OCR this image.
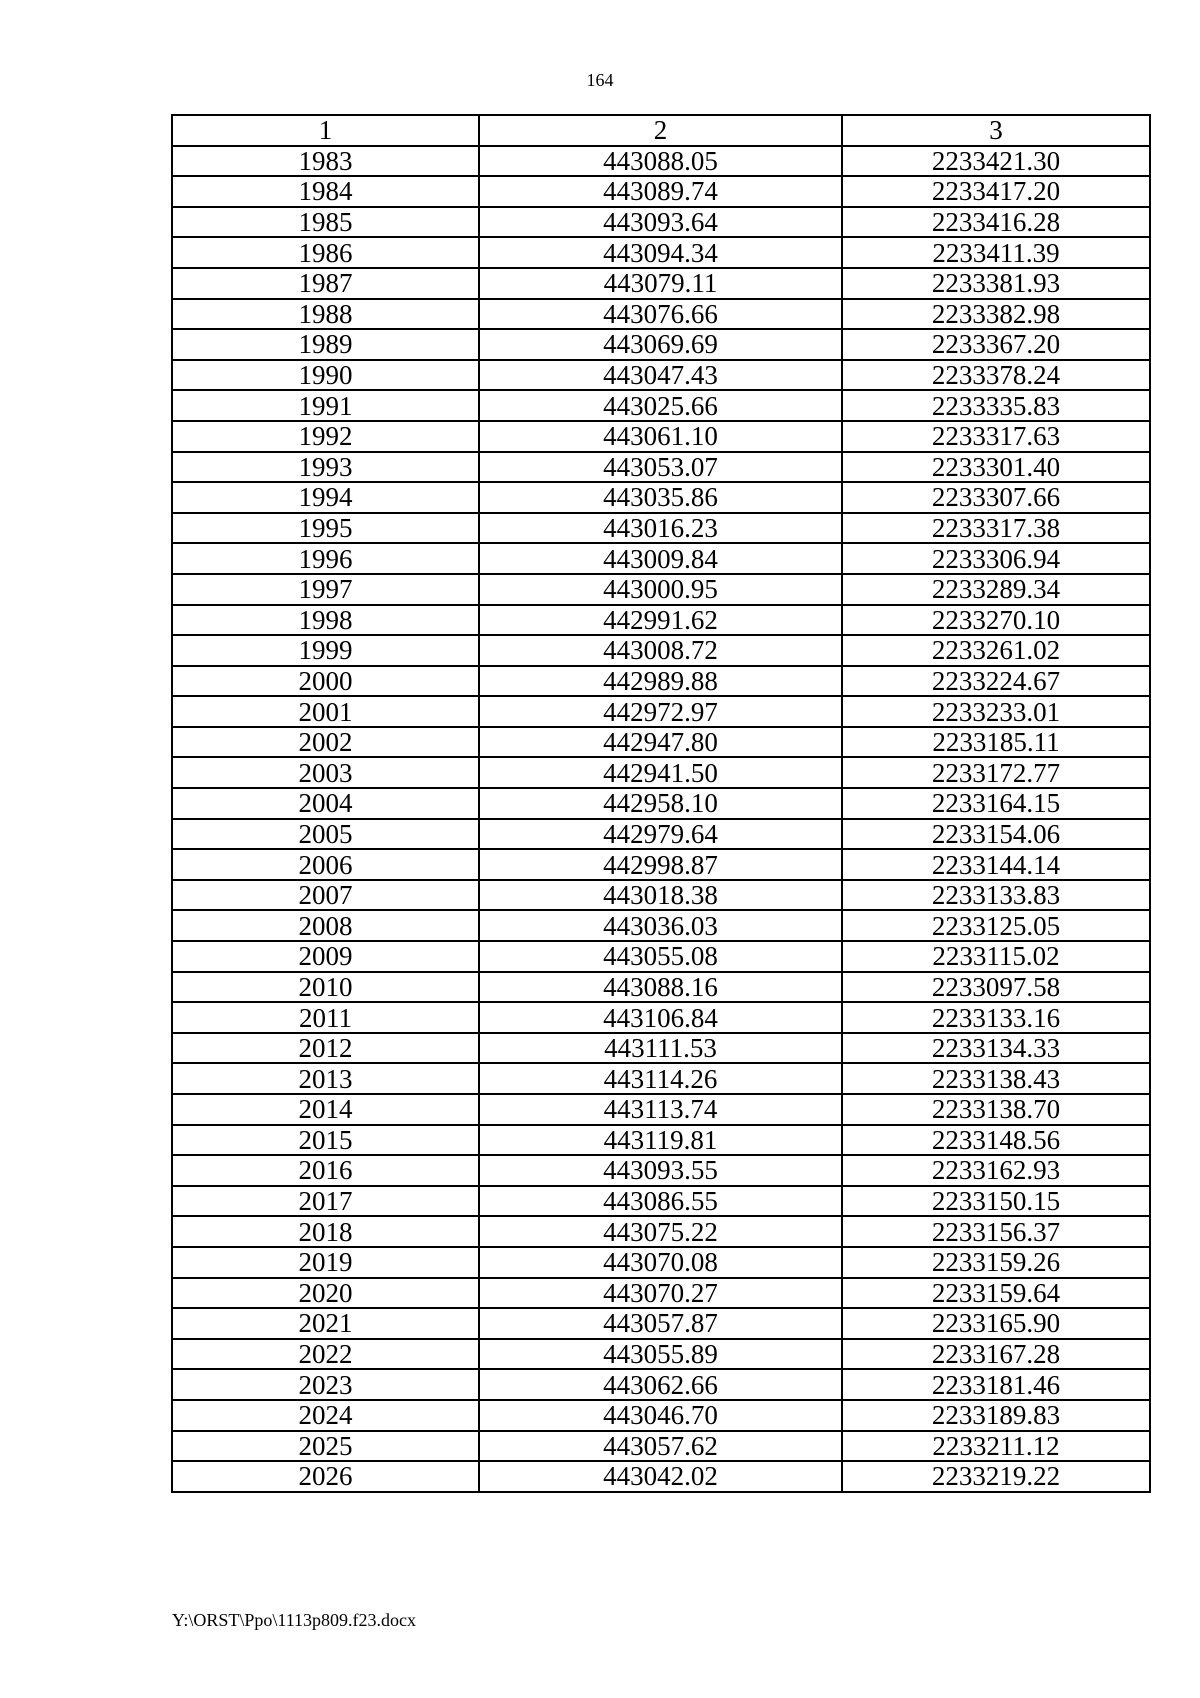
164
1	2	3
1983	443088.05	2233421.30
1984	443089.74	2233417.20
1985	443093.64	2233416.28
1986	443094.34	2233411.39
1987	443079.11	2233381.93
1988	443076.66	2233382.98
1989	443069.69	2233367.20
1990	443047.43	2233378.24
1991	443025.66	2233335.83
1992	443061.10	2233317.63
1993	443053.07	2233301.40
1994	443035.86	2233307.66
1995	443016.23	2233317.38
1996	443009.84	2233306.94
1997	443000.95	2233289.34
1998	442991.62	2233270.10
1999	443008.72	2233261.02
2000	442989.88	2233224.67
2001	442972.97	2233233.01
2002	442947.80	2233185.11
2003	442941.50	2233172.77
2004	442958.10	2233164.15
2005	442979.64	2233154.06
2006	442998.87	2233144.14
2007	443018.38	2233133.83
2008	443036.03	2233125.05
2009	443055.08	2233115.02
2010	443088.16	2233097.58
2011	443106.84	2233133.16
2012	443111.53	2233134.33
2013	443114.26	2233138.43
2014	443113.74	2233138.70
2015	443119.81	2233148.56
2016	443093.55	2233162.93
2017	443086.55	2233150.15
2018	443075.22	2233156.37
2019	443070.08	2233159.26
2020	443070.27	2233159.64
2021	443057.87	2233165.90
2022	443055.89	2233167.28
2023	443062.66	2233181.46
2024	443046.70	2233189.83
2025	443057.62	2233211.12
2026	443042.02	2233219.22
Y:\ORST\Ppo\1113p809.f23.docx
